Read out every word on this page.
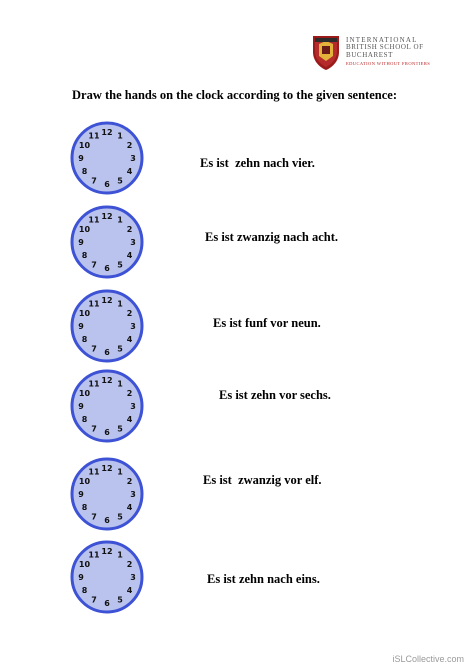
INTERNATIONAL
BRITISH SCHOOL OF BUCHAREST
EDUCATION WITHOUT FRONTIERS
Draw the hands on the clock according to the given sentence:
12 1
2
3
4
5
6
7
8
9
10
11
Es ist  zehn nach vier.
12 1
2
3
4
5
6
7
8
9
10
11
Es ist zwanzig nach acht.
12 1
2
3
4
5
6
7
8
9
10
11
Es ist funf vor neun.
12 1
2
3
4
5
6
7
8
9
10
11
Es ist zehn vor sechs.
12 1
2
3
4
5
6
7
8
9
10
11
Es ist  zwanzig vor elf.
12 1
2
3
4
5
6
7
8
9
10
11
Es ist zehn nach eins.
iSLCollective.com
